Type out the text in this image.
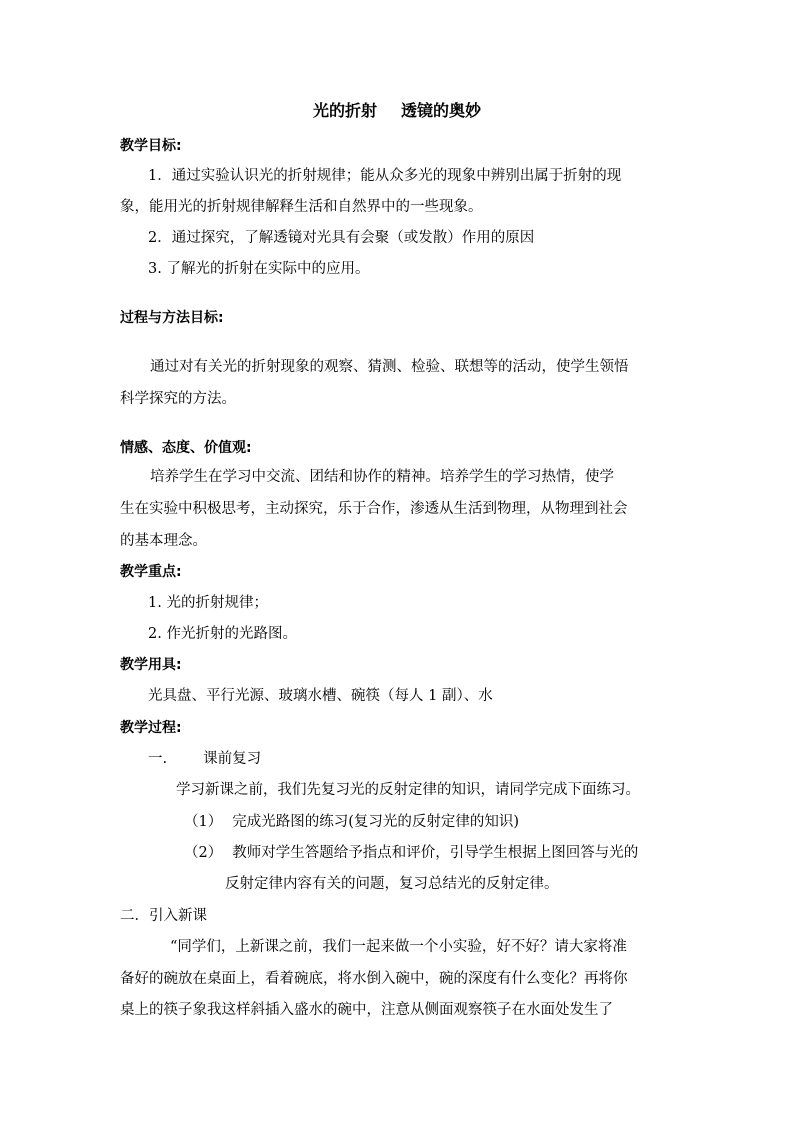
光的折射 透镜的奥妙
教学目标:
1．通过实验认识光的折射规律；能从众多光的现象中辨别出属于折射的现
象，能用光的折射规律解释生活和自然界中的一些现象。
2．通过探究，了解透镜对光具有会聚（或发散）作用的原因
3. 了解光的折射在实际中的应用。
过程与方法目标:
通过对有关光的折射现象的观察、猜测、检验、联想等的活动，使学生领悟
科学探究的方法。
情感、态度、价值观:
培养学生在学习中交流、团结和协作的精神。培养学生的学习热情，使学
生在实验中积极思考，主动探究，乐于合作，渗透从生活到物理，从物理到社会
的基本理念。
教学重点:
1. 光的折射规律；
2. 作光折射的光路图。
教学用具:
光具盘、平行光源、玻璃水槽、碗筷（每人 1 副）、水
教学过程:
一. 课前复习
学习新课之前，我们先复习光的反射定律的知识，请同学完成下面练习。
（1） 完成光路图的练习(复习光的反射定律的知识)
（2） 教师对学生答题给予指点和评价，引导学生根据上图回答与光的
反射定律内容有关的问题，复习总结光的反射定律。
二．引入新课
“同学们，上新课之前，我们一起来做一个小实验，好不好？请大家将准
备好的碗放在桌面上，看着碗底，将水倒入碗中，碗的深度有什么变化？再将你
桌上的筷子象我这样斜插入盛水的碗中，注意从侧面观察筷子在水面处发生了
